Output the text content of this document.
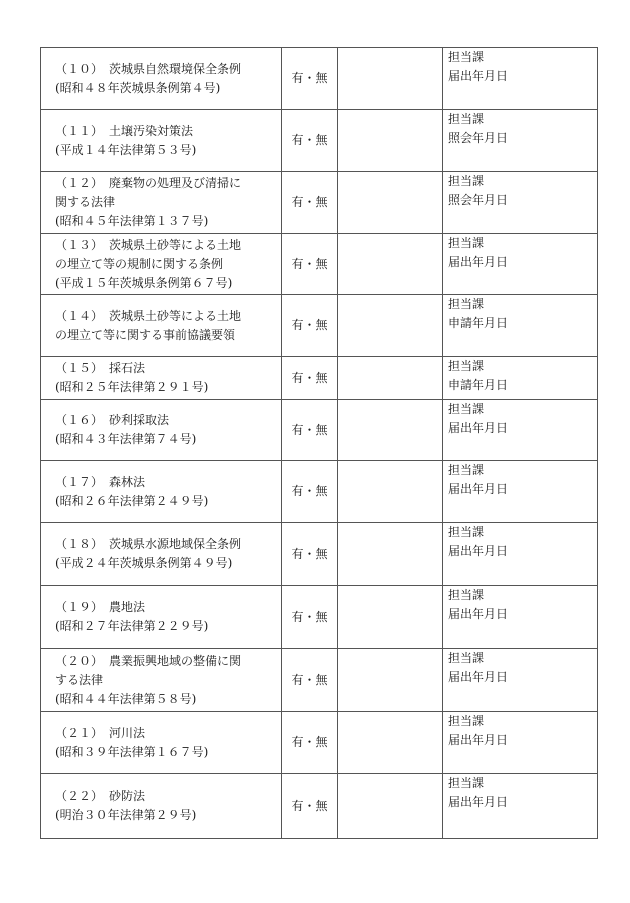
（１０）　茨城県自然環境保全条例
(昭和４８年茨城県条例第４号)	有・無		担当課
届出年月日

（１１）　土壌汚染対策法
(平成１４年法律第５３号)	有・無		担当課
照会年月日

（１２）　廃棄物の処理及び清掃に
関する法律
(昭和４５年法律第１３７号)	有・無		担当課
照会年月日

（１３）　茨城県土砂等による土地
の埋立て等の規制に関する条例
(平成１５年茨城県条例第６７号)	有・無		担当課
届出年月日

（１４）　茨城県土砂等による土地
の埋立て等に関する事前協議要領	有・無		担当課
申請年月日

（１５）　採石法
(昭和２５年法律第２９１号)	有・無		担当課
申請年月日

（１６）　砂利採取法
(昭和４３年法律第７４号)	有・無		担当課
届出年月日

（１７）　森林法
(昭和２６年法律第２４９号)	有・無		担当課
届出年月日

（１８）　茨城県水源地域保全条例
(平成２４年茨城県条例第４９号)	有・無		担当課
届出年月日

（１９）　農地法
(昭和２７年法律第２２９号)	有・無		担当課
届出年月日

（２０）　農業振興地域の整備に関
する法律
(昭和４４年法律第５８号)	有・無		担当課
届出年月日

（２１）　河川法
(昭和３９年法律第１６７号)	有・無		担当課
届出年月日

（２２）　砂防法
(明治３０年法律第２９号)	有・無		担当課
届出年月日
